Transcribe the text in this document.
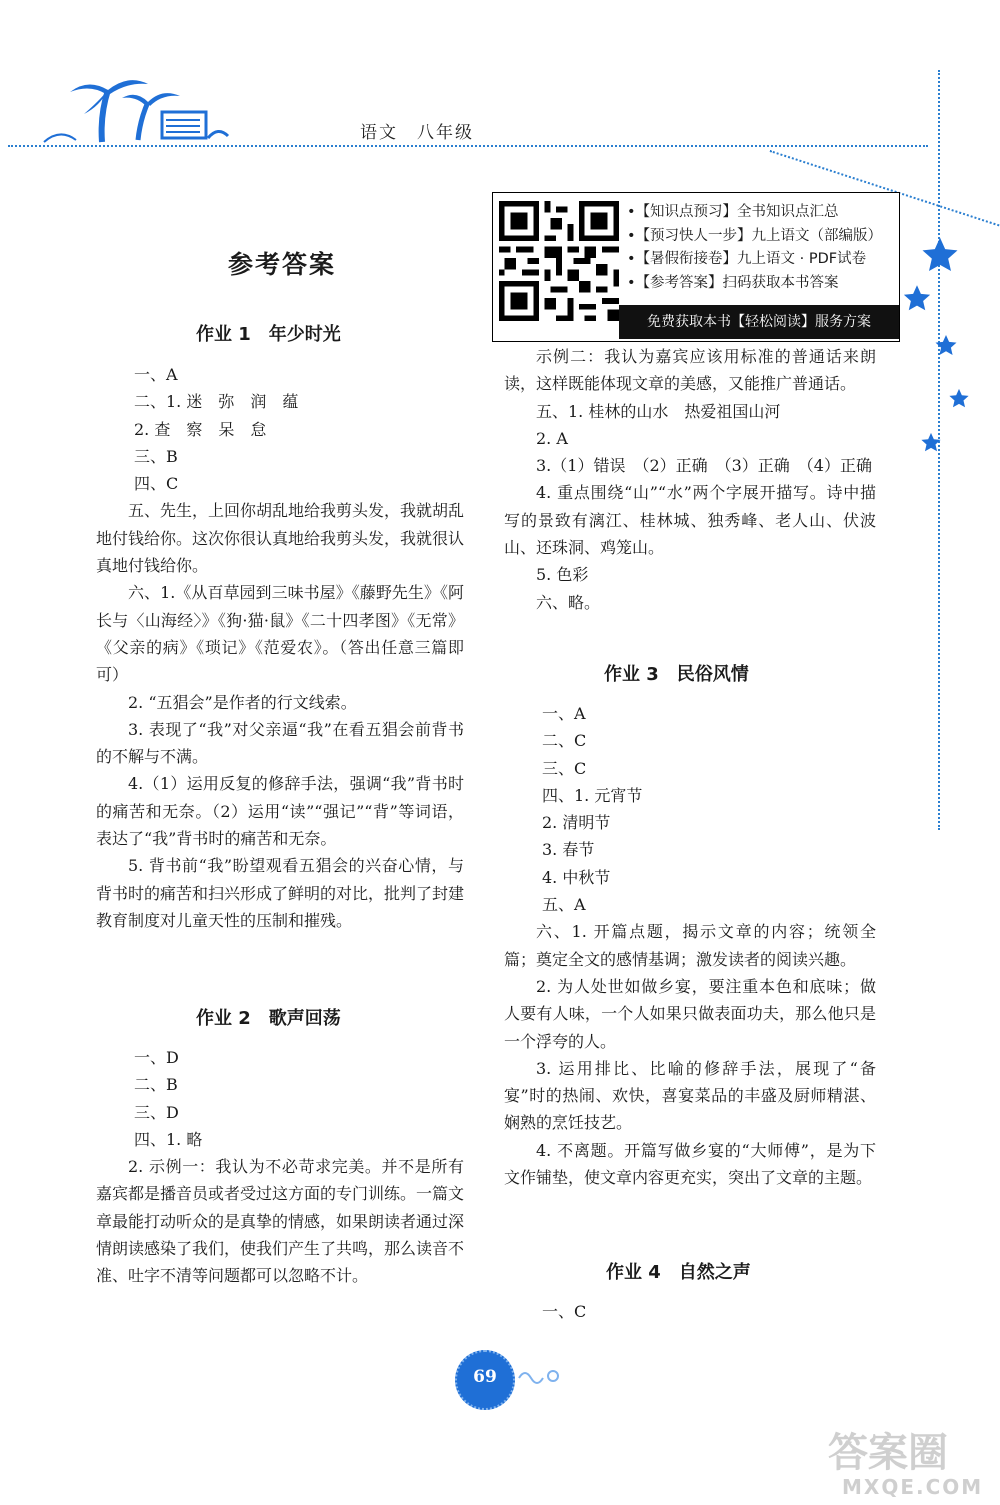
语文　八年级
参考答案
•【知识点预习】全书知识点汇总
•【预习快人一步】九上语文（部编版）
•【暑假衔接卷】九上语文 · PDF试卷
•【参考答案】扫码获取本书答案
免费获取本书【轻松阅读】服务方案
作业 1　年少时光

一、A

二、1. 迷　弥　润　蕴

2. 查　察　呆　怠

三、B

四、C

五、先生，上回你胡乱地给我剪头发，我就胡乱地付钱给你。这次你很认真地给我剪头发，我就很认真地付钱给你。

六、1.《从百草园到三味书屋》《藤野先生》《阿长与〈山海经〉》《狗·猫·鼠》《二十四孝图》《无常》《父亲的病》《琐记》《范爱农》。（答出任意三篇即可）

2. “五猖会”是作者的行文线索。

3. 表现了“我”对父亲逼“我”在看五猖会前背书的不解与不满。

4.（1）运用反复的修辞手法，强调“我”背书时的痛苦和无奈。（2）运用“读”“强记”“背”等词语，表达了“我”背书时的痛苦和无奈。

5. 背书前“我”盼望观看五猖会的兴奋心情，与背书时的痛苦和扫兴形成了鲜明的对比，批判了封建教育制度对儿童天性的压制和摧残。

作业 2　歌声回荡

一、D

二、B

三、D

四、1. 略

2. 示例一：我认为不必苛求完美。并不是所有嘉宾都是播音员或者受过这方面的专门训练。一篇文章最能打动听众的是真挚的情感，如果朗读者通过深情朗读感染了我们，使我们产生了共鸣，那么读音不准、吐字不清等问题都可以忽略不计。

示例二：我认为嘉宾应该用标准的普通话来朗读，这样既能体现文章的美感，又能推广普通话。

五、1. 桂林的山水　热爱祖国山河

2. A

3.（1）错误　（2）正确　（3）正确　（4）正确

4. 重点围绕“山”“水”两个字展开描写。诗中描写的景致有漓江、桂林城、独秀峰、老人山、伏波山、还珠洞、鸡笼山。

5. 色彩

六、略。

作业 3　民俗风情

一、A

二、C

三、C

四、1. 元宵节

2. 清明节

3. 春节

4. 中秋节

五、A

六、1. 开篇点题，揭示文章的内容；统领全篇；奠定全文的感情基调；激发读者的阅读兴趣。

2. 为人处世如做乡宴，要注重本色和底味；做人要有人味，一个人如果只做表面功夫，那么他只是一个浮夸的人。

3. 运用排比、比喻的修辞手法，展现了“备宴”时的热闹、欢快，喜宴菜品的丰盛及厨师精湛、娴熟的烹饪技艺。

4. 不离题。开篇写做乡宴的“大师傅”，是为下文作铺垫，使文章内容更充实，突出了文章的主题。

作业 4　自然之声

一、C

69
答案圈
MXQE.COM
